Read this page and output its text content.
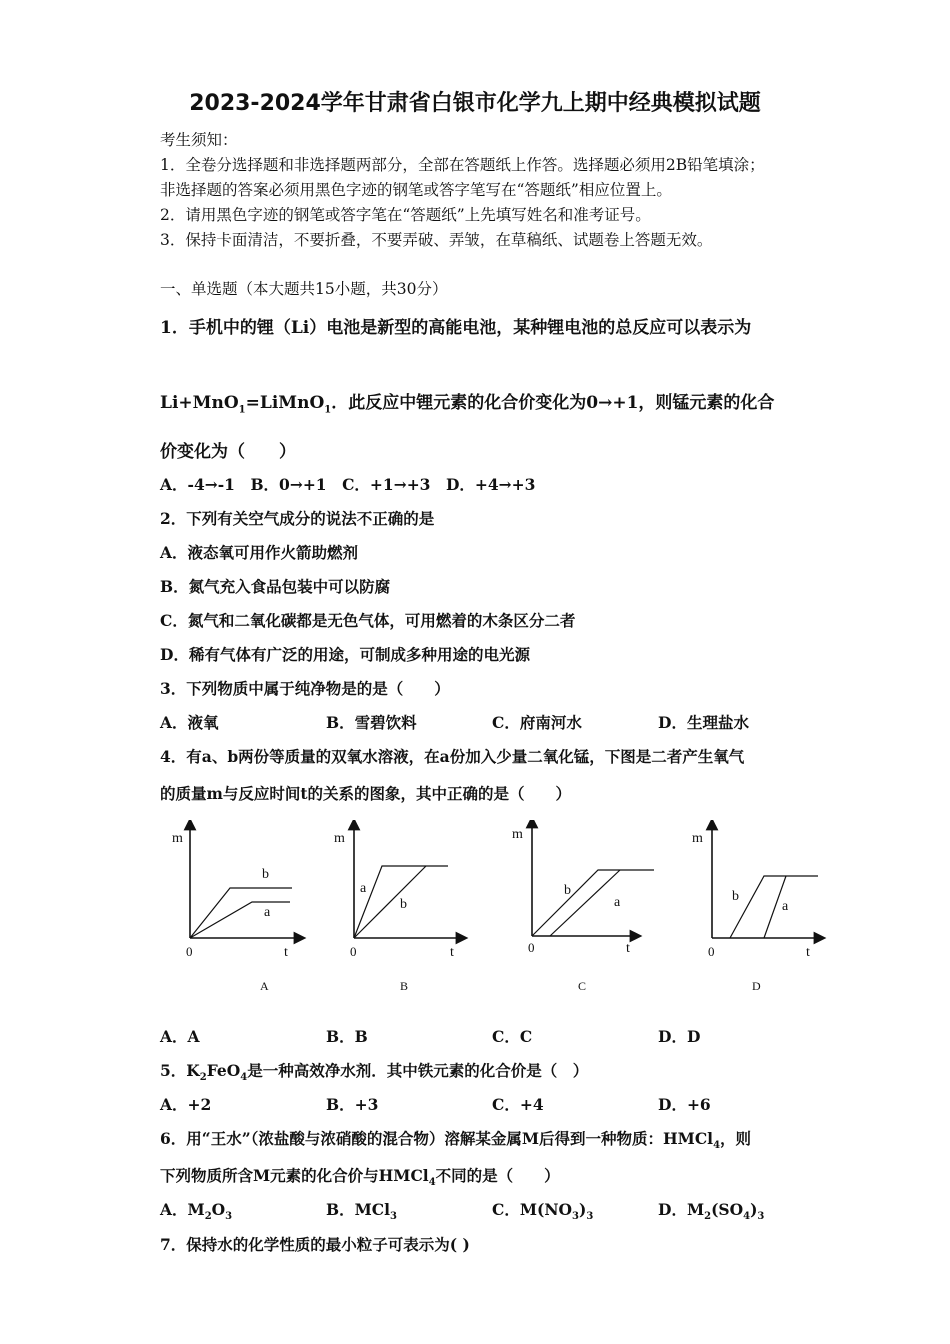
2023-2024学年甘肃省白银市化学九上期中经典模拟试题
考生须知：
1．全卷分选择题和非选择题两部分，全部在答题纸上作答。选择题必须用2B铅笔填涂；
非选择题的答案必须用黑色字迹的钢笔或答字笔写在“答题纸”相应位置上。
2．请用黑色字迹的钢笔或答字笔在“答题纸”上先填写姓名和准考证号。
3．保持卡面清洁，不要折叠，不要弄破、弄皱，在草稿纸、试题卷上答题无效。
一、单选题（本大题共15小题，共30分）
1．手机中的锂（Li）电池是新型的高能电池，某种锂电池的总反应可以表示为
Li+MnO$_1$=LiMnO$_1$．此反应中锂元素的化合价变化为0→+1，则锰元素的化合
价变化为（　　）
A．-4→-1　B．0→+1　C．+1→+3　D．+4→+3
2．下列有关空气成分的说法不正确的是
A．液态氧可用作火箭助燃剂
B．氮气充入食品包装中可以防腐
C．氮气和二氧化碳都是无色气体，可用燃着的木条区分二者
D．稀有气体有广泛的用途，可制成多种用途的电光源
3．下列物质中属于纯净物是的是（　　）
A．液氧	B．雪碧饮料	C．府南河水	D．生理盐水
4．有a、b两份等质量的双氧水溶液，在a份加入少量二氧化锰，下图是二者产生氧气
的质量m与反应时间t的关系的图象，其中正确的是（　　）
m
0	t
b
a
A
m
0	t
a
b
B
m
0	t
b
a
C
m
0	t
b
a
D
A．A	B．B	C．C	D．D
5．$K_2FeO_4$是一种高效净水剂．其中铁元素的化合价是（　）
A．+2	B．+3	C．+4	D．+6
6．用“王水”（浓盐酸与浓硝酸的混合物）溶解某金属M后得到一种物质：HMCl$_4$，则
下列物质所含M元素的化合价与HMCl$_4$不同的是（　　）
A．$M_2O_3$	B．MCl$_3$	C．$M(NO_3)_3$	D．$M_2(SO_4)_3$
7．保持水的化学性质的最小粒子可表示为( )
